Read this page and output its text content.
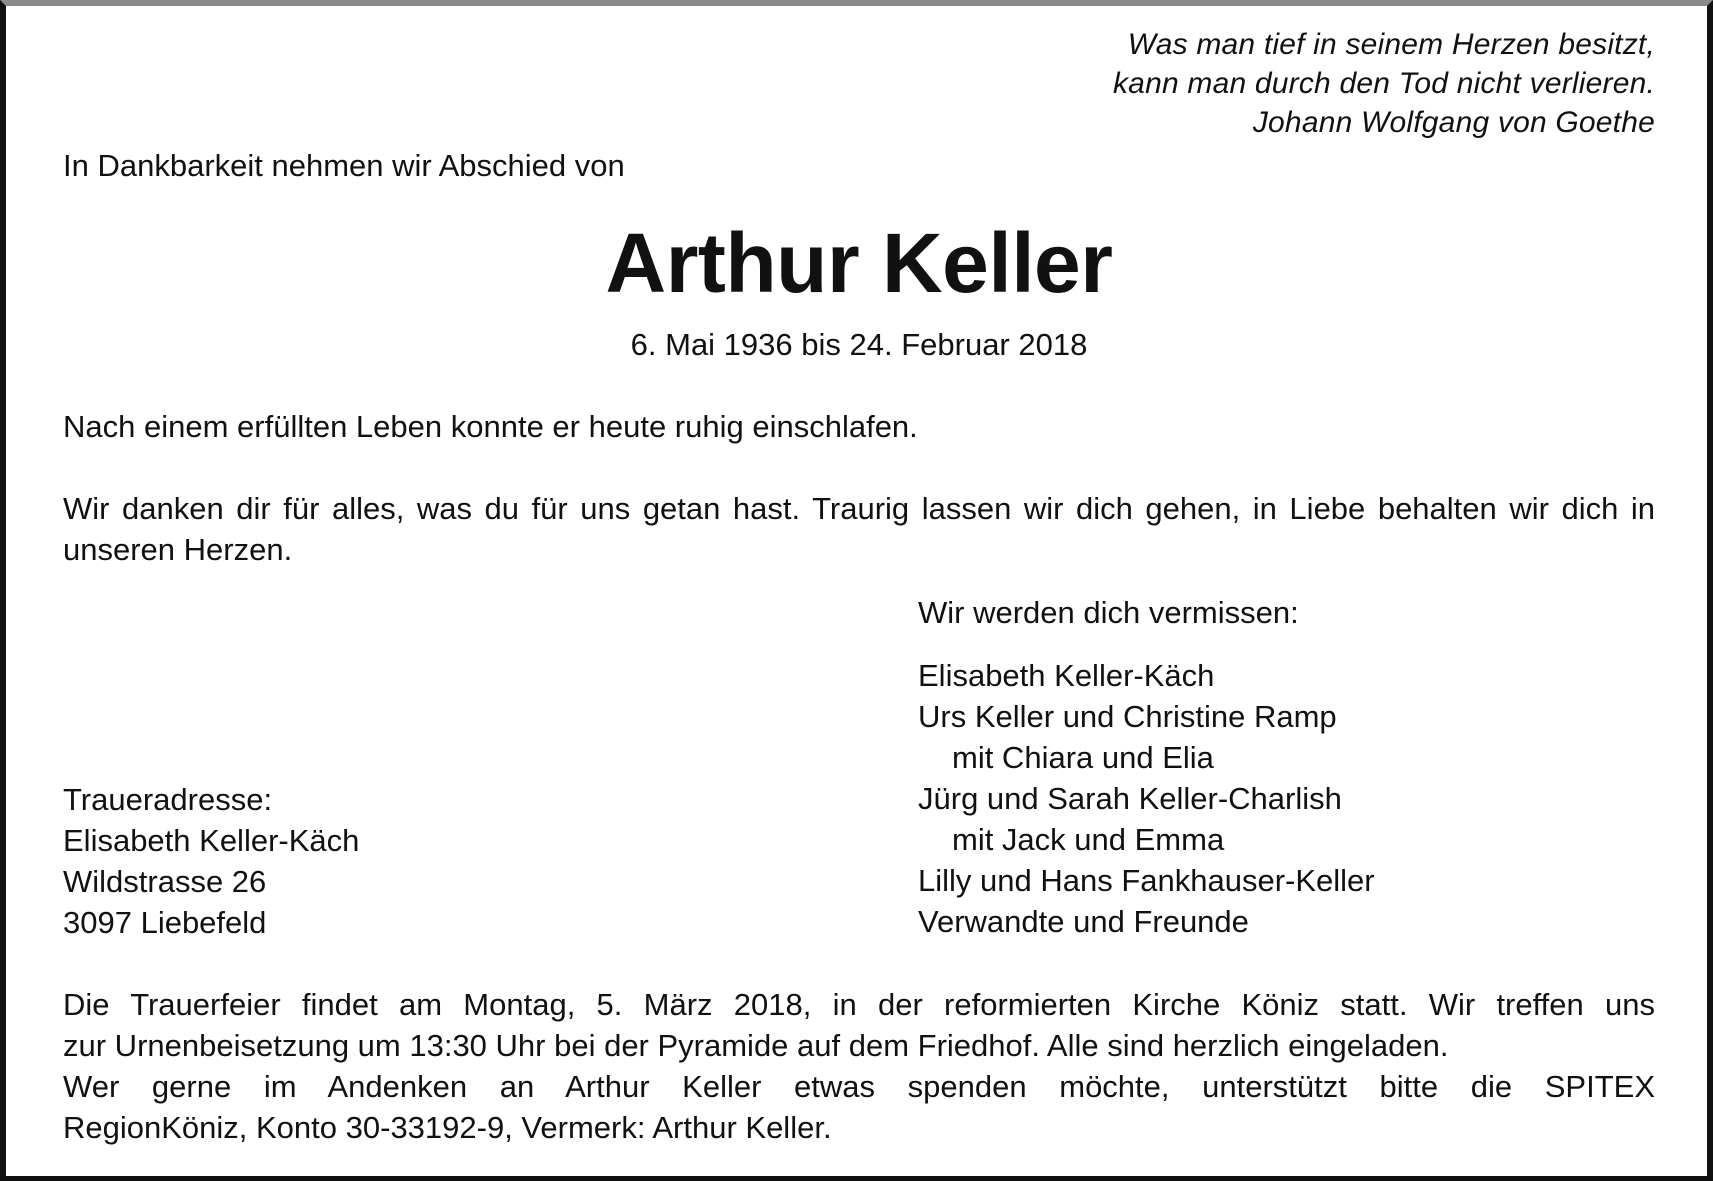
Was man tief in seinem Herzen besitzt,
kann man durch den Tod nicht verlieren.
Johann Wolfgang von Goethe
In Dankbarkeit nehmen wir Abschied von
Arthur Keller
6. Mai 1936 bis 24. Februar 2018
Nach einem erfüllten Leben konnte er heute ruhig einschlafen.
Wir danken dir für alles, was du für uns getan hast. Traurig lassen wir dich gehen, in Liebe behalten wir dich in unseren Herzen.
Wir werden dich vermissen:
Elisabeth Keller-Käch
Urs Keller und Christine Ramp
mit Chiara und Elia
Jürg und Sarah Keller-Charlish
mit Jack und Emma
Lilly und Hans Fankhauser-Keller
Verwandte und Freunde
Traueradresse:
Elisabeth Keller-Käch
Wildstrasse 26
3097 Liebefeld
Die Trauerfeier findet am Montag, 5. März 2018, in der reformierten Kirche Köniz statt. Wir treffen uns
zur Urnenbeisetzung um 13:30 Uhr bei der Pyramide auf dem Friedhof. Alle sind herzlich eingeladen.
Wer gerne im Andenken an Arthur Keller etwas spenden möchte, unterstützt bitte die SPITEX
RegionKöniz, Konto 30-33192-9, Vermerk: Arthur Keller.
